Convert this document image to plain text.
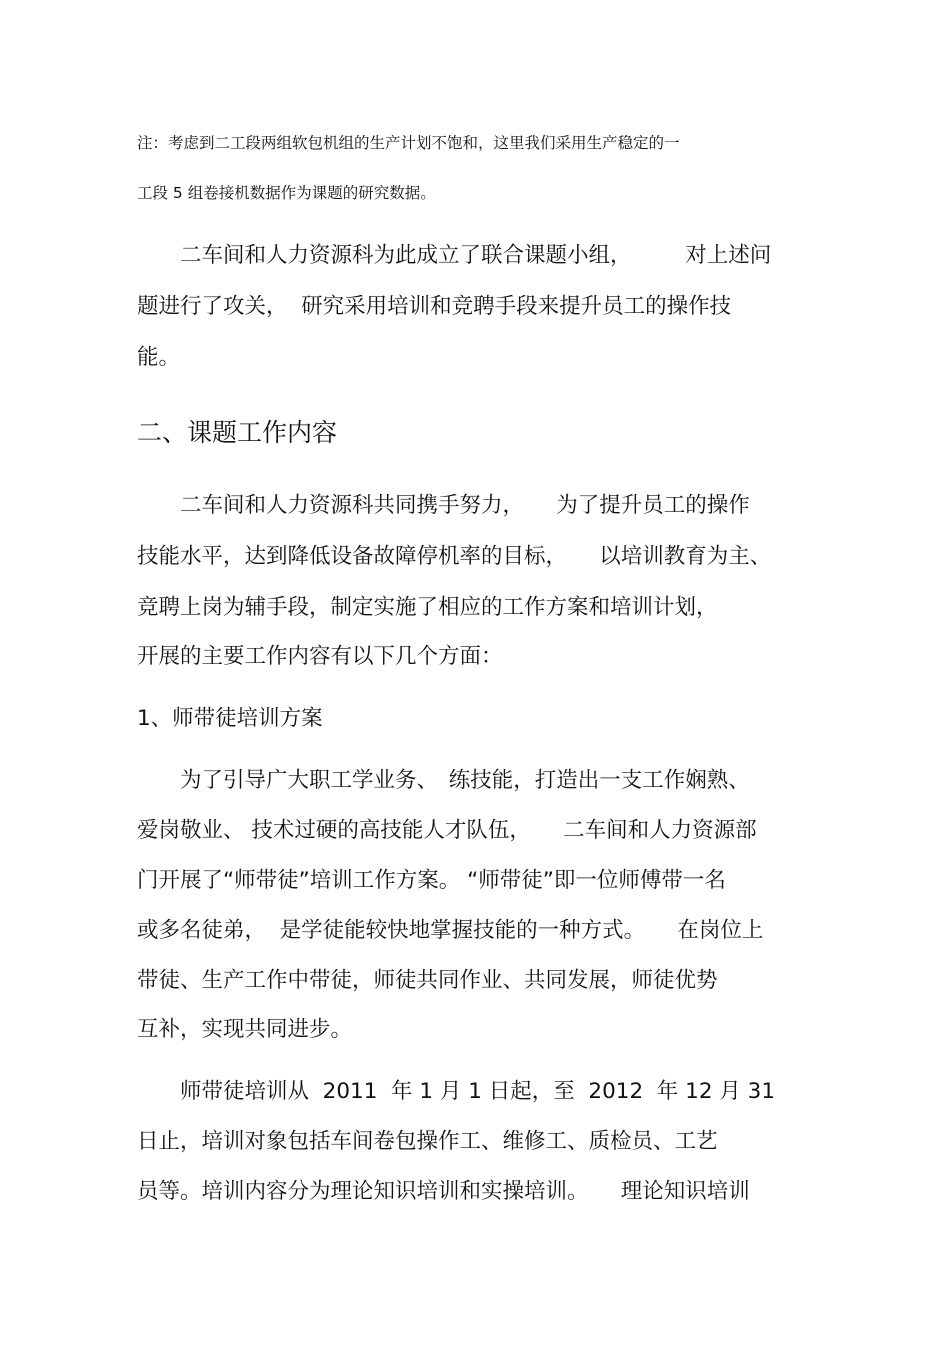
注：考虑到二工段两组软包机组的生产计划不饱和，这里我们采用生产稳定的一
工段 5 组卷接机数据作为课题的研究数据。
　　二车间和人力资源科为此成立了联合课题小组，　　　对上述问
题进行了攻关，  研究采用培训和竞聘手段来提升员工的操作技
能。
二、课题工作内容
　　二车间和人力资源科共同携手努力，　　为了提升员工的操作
技能水平，达到降低设备故障停机率的目标，　　以培训教育为主、
竞聘上岗为辅手段，制定实施了相应的工作方案和培训计划，
开展的主要工作内容有以下几个方面：
1、师带徒培训方案
　　为了引导广大职工学业务、　练技能，打造出一支工作娴熟、
爱岗敬业、 技术过硬的高技能人才队伍，　　二车间和人力资源部
门开展了“师带徒”培训工作方案。 “师带徒”即一位师傅带一名
或多名徒弟，  是学徒能较快地掌握技能的一种方式。　　在岗位上
带徒、生产工作中带徒，师徒共同作业、共同发展，师徒优势
互补，实现共同进步。
　　师带徒培训从  2011  年 1 月 1 日起，至  2012  年 12 月 31
日止，培训对象包括车间卷包操作工、维修工、质检员、工艺
员等。培训内容分为理论知识培训和实操培训。　　理论知识培训
